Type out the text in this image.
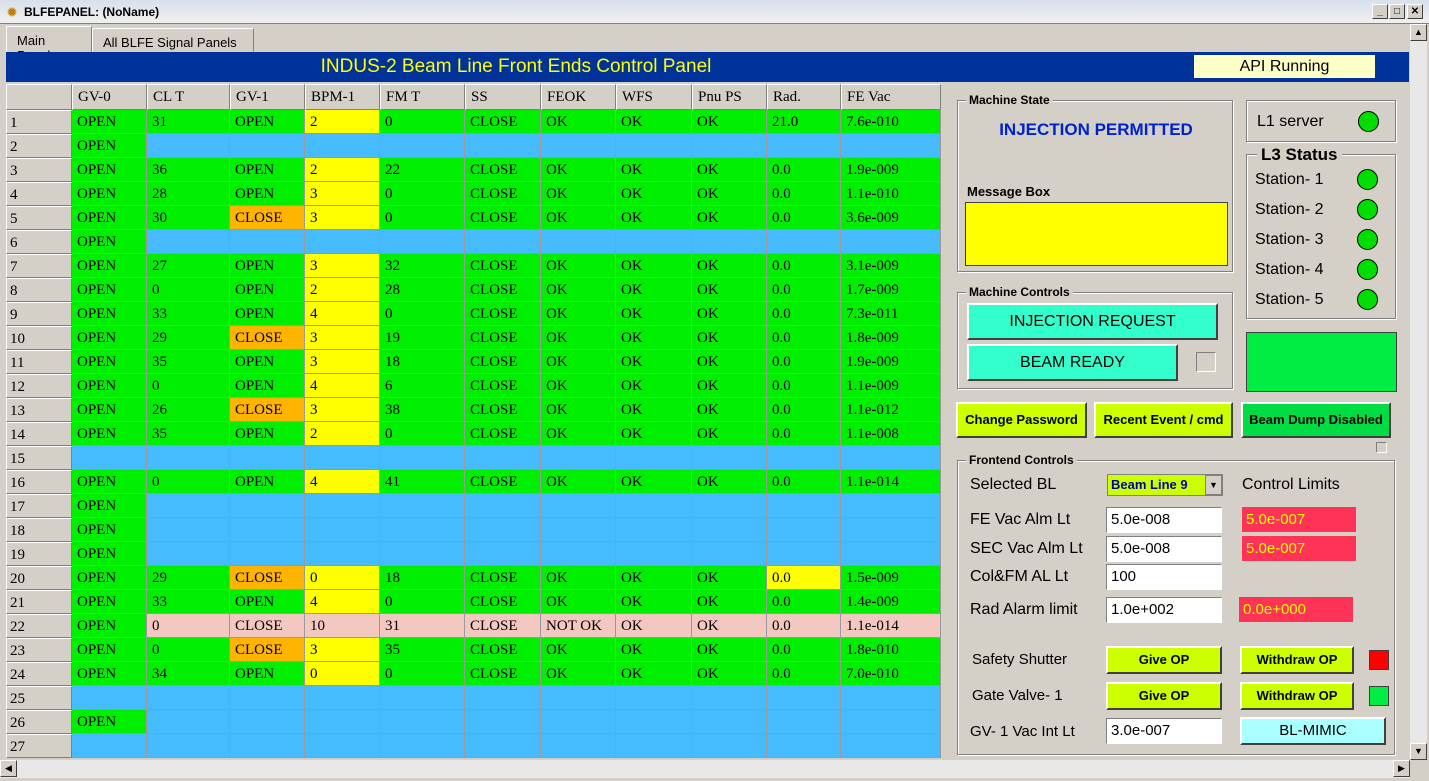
✹ BLFEPANEL: (NoName)	_	□	✕
Main	All BLFE Signal Panels
INDUS-2 Beam Line Front Ends Control Panel	API Running
GV-0	CL T	GV-1	BPM-1	FM T	SS	FEOK	WFS	Pnu PS	Rad.	FE Vac
1	OPEN	31	OPEN	2	0	CLOSE	OK	OK	OK	21.0	7.6e-010
2	OPEN
3	OPEN	36	OPEN	2	22	CLOSE	OK	OK	OK	0.0	1.9e-009
4	OPEN	28	OPEN	3	0	CLOSE	OK	OK	OK	0.0	1.1e-010
5	OPEN	30	CLOSE	3	0	CLOSE	OK	OK	OK	0.0	3.6e-009
6	OPEN
7	OPEN	27	OPEN	3	32	CLOSE	OK	OK	OK	0.0	3.1e-009
8	OPEN	0	OPEN	2	28	CLOSE	OK	OK	OK	0.0	1.7e-009
9	OPEN	33	OPEN	4	0	CLOSE	OK	OK	OK	0.0	7.3e-011
10	OPEN	29	CLOSE	3	19	CLOSE	OK	OK	OK	0.0	1.8e-009
11	OPEN	35	OPEN	3	18	CLOSE	OK	OK	OK	0.0	1.9e-009
12	OPEN	0	OPEN	4	6	CLOSE	OK	OK	OK	0.0	1.1e-009
13	OPEN	26	CLOSE	3	38	CLOSE	OK	OK	OK	0.0	1.1e-012
14	OPEN	35	OPEN	2	0	CLOSE	OK	OK	OK	0.0	1.1e-008
15
16	OPEN	0	OPEN	4	41	CLOSE	OK	OK	OK	0.0	1.1e-014
17	OPEN
18	OPEN
19	OPEN
20	OPEN	29	CLOSE	0	18	CLOSE	OK	OK	OK	0.0	1.5e-009
21	OPEN	33	OPEN	4	0	CLOSE	OK	OK	OK	0.0	1.4e-009
22	OPEN	0	CLOSE	10	31	CLOSE	NOT OK	OK	OK	0.0	1.1e-014
23	OPEN	0	CLOSE	3	35	CLOSE	OK	OK	OK	0.0	1.8e-010
24	OPEN	34	OPEN	0	0	CLOSE	OK	OK	OK	0.0	7.0e-010
25
26	OPEN
27
Machine State
INJECTION PERMITTED
Message Box
Machine Controls
INJECTION REQUEST
BEAM READY
L1 server
L3 Status
Station- 1
Station- 2
Station- 3
Station- 4
Station- 5
Change Password	Recent Event / cmd	Beam Dump Disabled
Frontend Controls
Selected BL	Beam Line 9	▼ Control Limits
FE Vac Alm Lt	5.0e-008	5.0e-007
SEC Vac Alm Lt	5.0e-008	5.0e-007
Col&FM AL Lt	100
Rad Alarm limit	1.0e+002	0.0e+000
Safety Shutter	Give OP	Withdraw OP
Gate Valve- 1	Give OP	Withdraw OP
GV- 1 Vac Int Lt	3.0e-007	BL-MIMIC
▲
▼
◀	▶
